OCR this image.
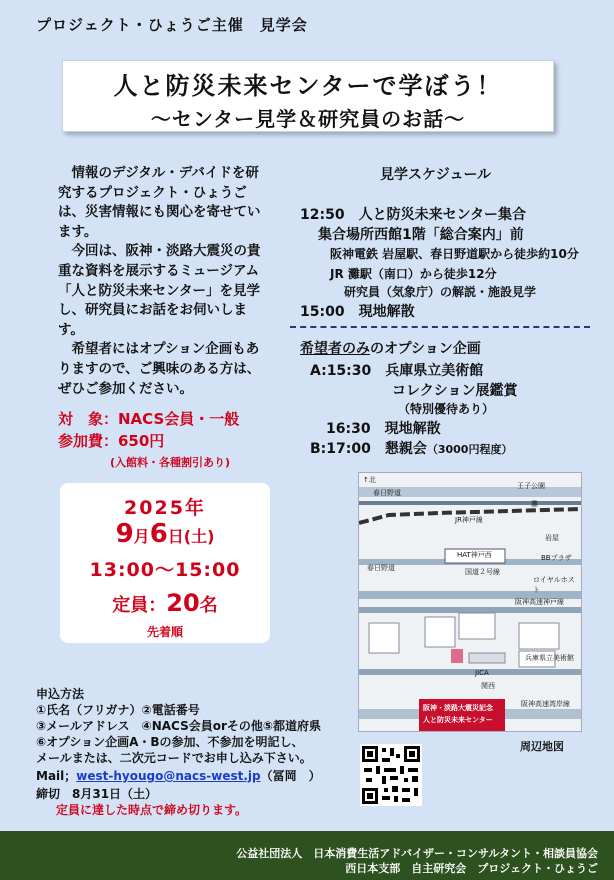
プロジェクト・ひょうご主催　見学会
人と防災未来センターで学ぼう！
～センター見学＆研究員のお話～

情報のデジタル・デバイドを研究するプロジェクト・ひょうごは、災害情報にも関心を寄せています。

今回は、阪神・淡路大震災の貴重な資料を展示するミュージアム「人と防災未来センター」を見学し、研究員にお話をお伺いします。

希望者にはオプション企画もありますので、ご興味のある方は、ぜひご参加ください。

対　象：NACS会員・一般
参加費：650円
(入館料・各種割引あり)
2025年
9月6日(土)
13:00～15:00
定員：20名
先着順
見学スケジュール
12:50　人と防災未来センター集合
集合場所西館1階「総合案内」前
阪神電鉄 岩屋駅、春日野道駅から徒歩約10分
JR 灘駅（南口）から徒歩12分
研究員（気象庁）の解説・施設見学
15:00　現地解散
希望者のみのオプション企画
A:15:30　兵庫県立美術館
コレクション展鑑賞
（特別優待あり）
16:30　現地解散
B:17:00　懇親会（3000円程度）
↑北
春日野道
JR神戸線
灘
王子公園
岩屋
HAT神戸西	BBプラザ
春日野道	国道２号線
ロイヤルホスト
阪神高速神戸線
兵庫県立美術館
JICA
関西
阪神高速湾岸線
阪神・淡路大震災記念
人と防災未来センター
周辺地図
申込方法
①氏名（フリガナ）②電話番号
③メールアドレス　④NACS会員orその他⑤都道府県
⑥オプション企画A・Bの参加、不参加を明記し、
メールまたは、二次元コードでお申し込み下さい。
Mail；west-hyougo@nacs-west.jp（冨岡　）
締切　8月31日（土）
定員に達した時点で締め切ります。
公益社団法人　日本消費生活アドバイザー・コンサルタント・相談員協会
西日本支部　自主研究会　プロジェクト・ひょうご
